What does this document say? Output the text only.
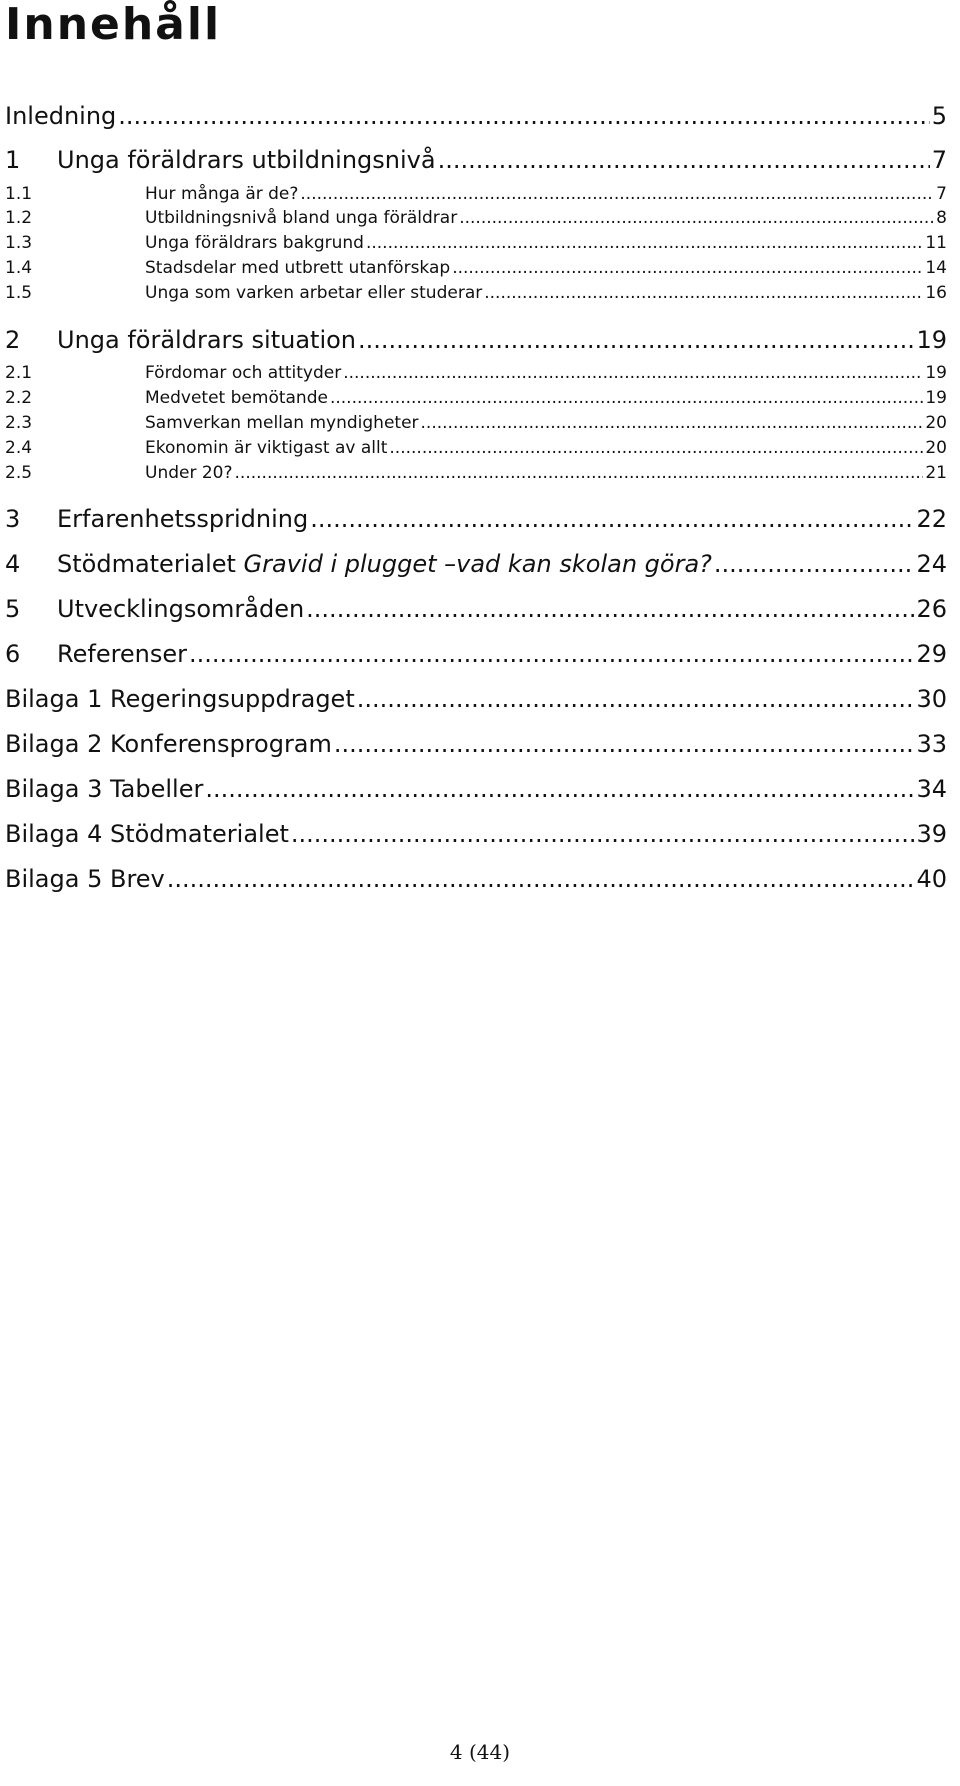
Innehåll
Inledning .....	5
1	Unga föräldrars utbildningsnivå .....	7
1.1	Hur många är de? .....	7
1.2	Utbildningsnivå bland unga föräldrar .....	8
1.3	Unga föräldrars bakgrund .....	11
1.4	Stadsdelar med utbrett utanförskap .....	14
1.5	Unga som varken arbetar eller studerar .....	16
2	Unga föräldrars situation .....	19
2.1	Fördomar och attityder .....	19
2.2	Medvetet bemötande .....	19
2.3	Samverkan mellan myndigheter .....	20
2.4	Ekonomin är viktigast av allt .....	20
2.5	Under 20? .....	21
3	Erfarenhetsspridning .....	22
4	Stödmaterialet Gravid i plugget –vad kan skolan göra? .....	24
5	Utvecklingsområden .....	26
6	Referenser .....	29
Bilaga 1 Regeringsuppdraget .....	30
Bilaga 2 Konferensprogram .....	33
Bilaga 3 Tabeller .....	34
Bilaga 4 Stödmaterialet .....	39
Bilaga 5 Brev .....	40
4 (44)
